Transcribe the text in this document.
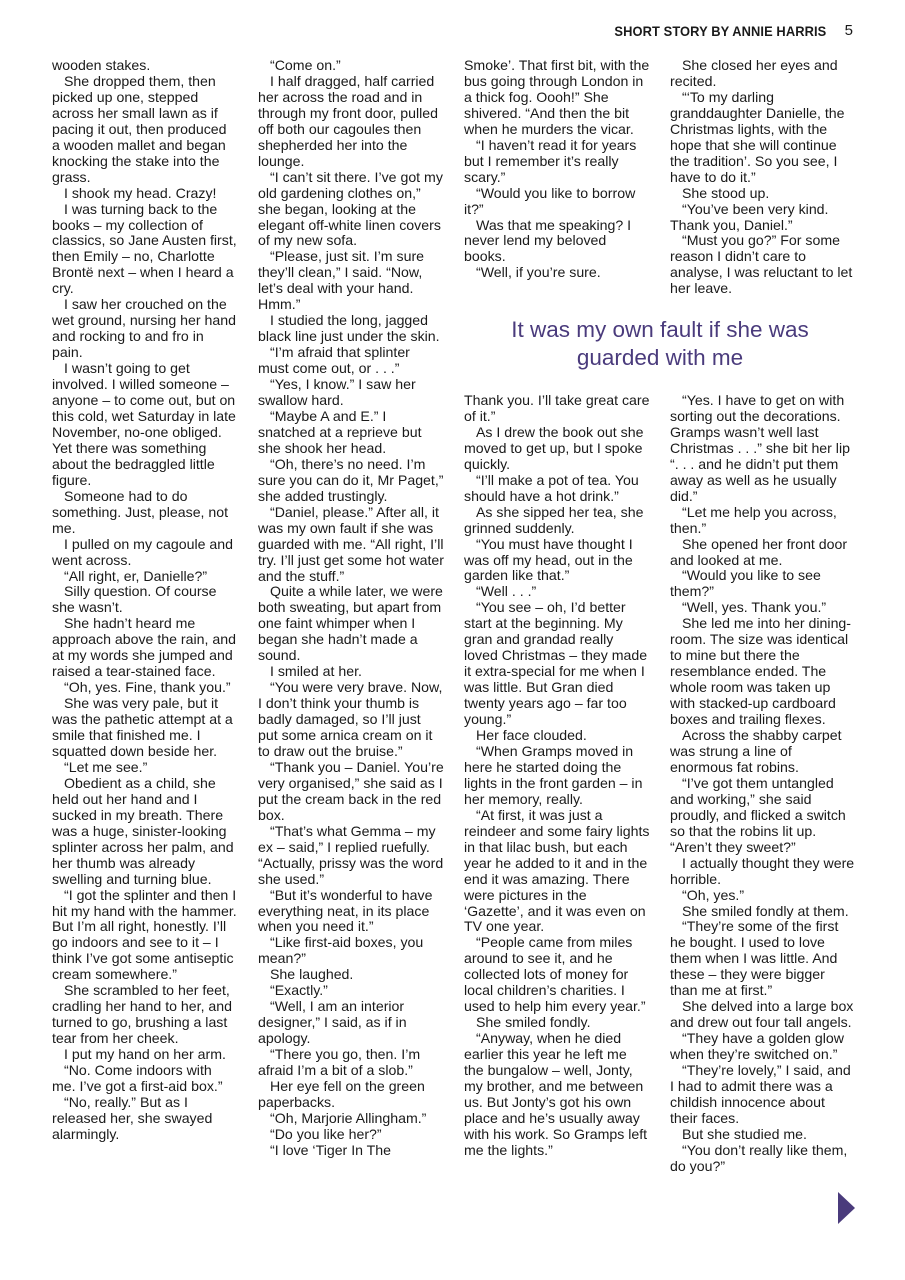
SHORT STORY BY ANNIE HARRIS 5

wooden stakes.

She dropped them, then picked up one, stepped across her small lawn as if pacing it out, then produced a wooden mallet and began knocking the stake into the grass.

I shook my head. Crazy!

I was turning back to the books – my collection of classics, so Jane Austen first, then Emily – no, Charlotte Brontë next – when I heard a cry.

I saw her crouched on the wet ground, nursing her hand and rocking to and fro in pain.

I wasn’t going to get involved. I willed someone – anyone – to come out, but on this cold, wet Saturday in late November, no-one obliged. Yet there was something about the bedraggled little figure.

Someone had to do something. Just, please, not me.

I pulled on my cagoule and went across.

“All right, er, Danielle?”

Silly question. Of course she wasn’t.

She hadn’t heard me approach above the rain, and at my words she jumped and raised a tear-stained face.

“Oh, yes. Fine, thank you.”

She was very pale, but it was the pathetic attempt at a smile that finished me. I squatted down beside her.

“Let me see.”

Obedient as a child, she held out her hand and I sucked in my breath. There was a huge, sinister-looking splinter across her palm, and her thumb was already swelling and turning blue.

“I got the splinter and then I hit my hand with the hammer. But I’m all right, honestly. I’ll go indoors and see to it – I think I’ve got some antiseptic cream somewhere.”

She scrambled to her feet, cradling her hand to her, and turned to go, brushing a last tear from her cheek.

I put my hand on her arm.

“No. Come indoors with me. I’ve got a first-aid box.”

“No, really.” But as I released her, she swayed alarmingly.

“Come on.”

I half dragged, half carried her across the road and in through my front door, pulled off both our cagoules then shepherded her into the lounge.

“I can’t sit there. I’ve got my old gardening clothes on,” she began, looking at the elegant off-white linen covers of my new sofa.

“Please, just sit. I’m sure they’ll clean,” I said. “Now, let’s deal with your hand. Hmm.”

I studied the long, jagged black line just under the skin.

“I’m afraid that splinter must come out, or . . .”

“Yes, I know.” I saw her swallow hard.

“Maybe A and E.” I snatched at a reprieve but she shook her head.

“Oh, there’s no need. I’m sure you can do it, Mr Paget,” she added trustingly.

“Daniel, please.” After all, it was my own fault if she was guarded with me. “All right, I’ll try. I’ll just get some hot water and the stuff.”

Quite a while later, we were both sweating, but apart from one faint whimper when I began she hadn’t made a sound.

I smiled at her.

“You were very brave. Now, I don’t think your thumb is badly damaged, so I’ll just put some arnica cream on it to draw out the bruise.”

“Thank you – Daniel. You’re very organised,” she said as I put the cream back in the red box.

“That’s what Gemma – my ex – said,” I replied ruefully. “Actually, prissy was the word she used.”

“But it’s wonderful to have everything neat, in its place when you need it.”

“Like first-aid boxes, you mean?”

She laughed.

“Exactly.”

“Well, I am an interior designer,” I said, as if in apology.

“There you go, then. I’m afraid I’m a bit of a slob.”

Her eye fell on the green paperbacks.

“Oh, Marjorie Allingham.”

“Do you like her?”

“I love ‘Tiger In The

Smoke’. That first bit, with the bus going through London in a thick fog. Oooh!” She shivered. “And then the bit when he murders the vicar.

“I haven’t read it for years but I remember it’s really scary.”

“Would you like to borrow it?”

Was that me speaking? I never lend my beloved books.

“Well, if you’re sure.

She closed her eyes and recited.

“‘To my darling granddaughter Danielle, the Christmas lights, with the hope that she will continue the tradition’. So you see, I have to do it.”

She stood up.

“You’ve been very kind. Thank you, Daniel.”

“Must you go?” For some reason I didn’t care to analyse, I was reluctant to let her leave.

It was my own fault if she was guarded with me

Thank you. I’ll take great care of it.”

As I drew the book out she moved to get up, but I spoke quickly.

“I’ll make a pot of tea. You should have a hot drink.”

As she sipped her tea, she grinned suddenly.

“You must have thought I was off my head, out in the garden like that.”

“Well . . .”

“You see – oh, I’d better start at the beginning. My gran and grandad really loved Christmas – they made it extra-special for me when I was little. But Gran died twenty years ago – far too young.”

Her face clouded.

“When Gramps moved in here he started doing the lights in the front garden – in her memory, really.

“At first, it was just a reindeer and some fairy lights in that lilac bush, but each year he added to it and in the end it was amazing. There were pictures in the ‘Gazette’, and it was even on TV one year.

“People came from miles around to see it, and he collected lots of money for local children’s charities. I used to help him every year.”

She smiled fondly.

“Anyway, when he died earlier this year he left me the bungalow – well, Jonty, my brother, and me between us. But Jonty’s got his own place and he’s usually away with his work. So Gramps left me the lights.”

“Yes. I have to get on with sorting out the decorations. Gramps wasn’t well last Christmas . . .” she bit her lip “. . . and he didn’t put them away as well as he usually did.”

“Let me help you across, then.”

She opened her front door and looked at me.

“Would you like to see them?”

“Well, yes. Thank you.”

She led me into her dining-room. The size was identical to mine but there the resemblance ended. The whole room was taken up with stacked-up cardboard boxes and trailing flexes.

Across the shabby carpet was strung a line of enormous fat robins.

“I’ve got them untangled and working,” she said proudly, and flicked a switch so that the robins lit up. “Aren’t they sweet?”

I actually thought they were horrible.

“Oh, yes.”

She smiled fondly at them.

“They’re some of the first he bought. I used to love them when I was little. And these – they were bigger than me at first.”

She delved into a large box and drew out four tall angels.

“They have a golden glow when they’re switched on.”

“They’re lovely,” I said, and I had to admit there was a childish innocence about their faces.

But she studied me.

“You don’t really like them, do you?”
